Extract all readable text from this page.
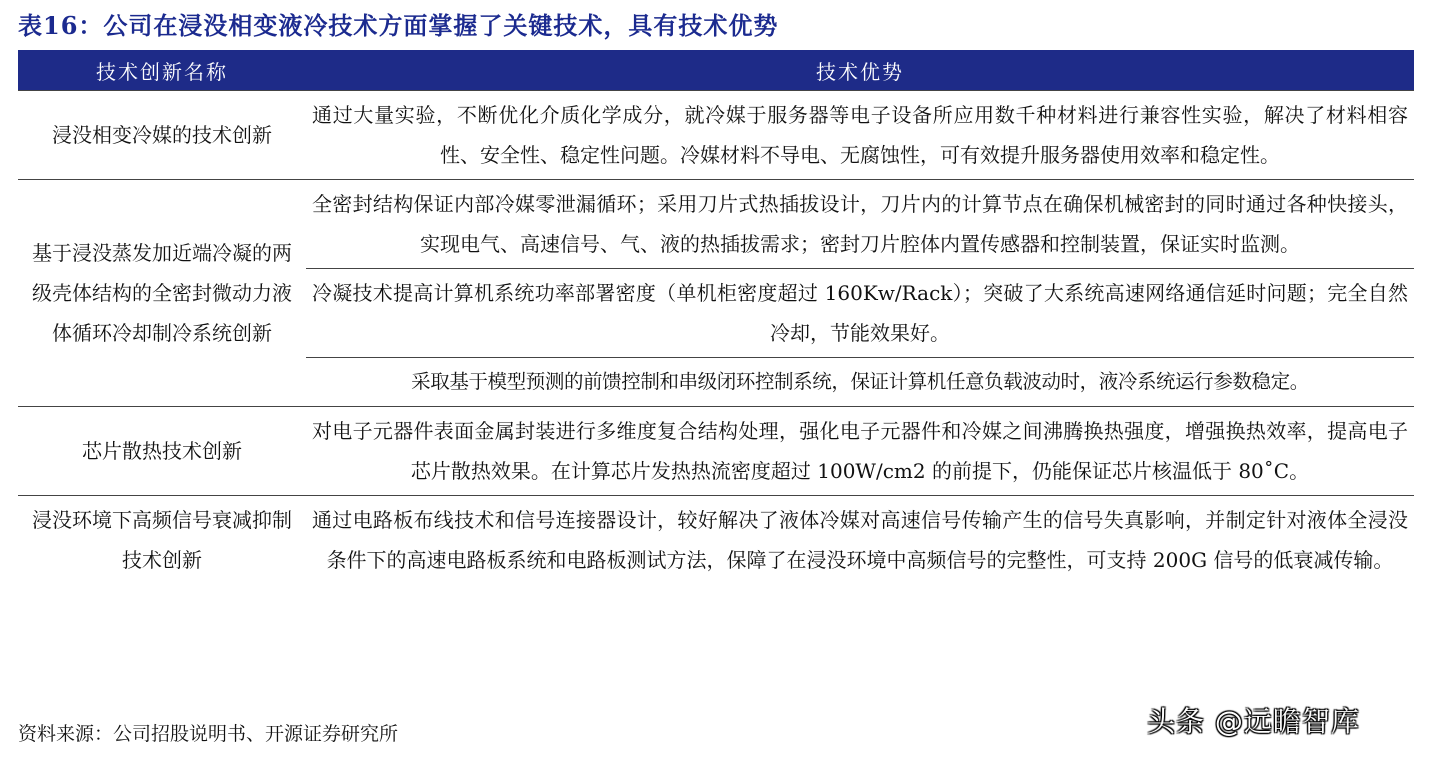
表16：公司在浸没相变液冷技术方面掌握了关键技术，具有技术优势
技术创新名称	技术优势
浸没相变冷媒的技术创新	通过大量实验，不断优化介质化学成分，就冷媒于服务器等电子设备所应用数千种材料进行兼容性实验，解决了材料相容性、安全性、稳定性问题。冷媒材料不导电、无腐蚀性，可有效提升服务器使用效率和稳定性。
基于浸没蒸发加近端冷凝的两级壳体结构的全密封微动力液体循环冷却制冷系统创新	全密封结构保证内部冷媒零泄漏循环；采用刀片式热插拔设计，刀片内的计算节点在确保机械密封的同时通过各种快接头，实现电气、高速信号、气、液的热插拔需求；密封刀片腔体内置传感器和控制装置，保证实时监测。
	冷凝技术提高计算机系统功率部署密度（单机柜密度超过 160Kw/Rack）；突破了大系统高速网络通信延时问题；完全自然冷却，节能效果好。
	采取基于模型预测的前馈控制和串级闭环控制系统，保证计算机任意负载波动时，液冷系统运行参数稳定。
芯片散热技术创新	对电子元器件表面金属封装进行多维度复合结构处理，强化电子元器件和冷媒之间沸腾换热强度，增强换热效率，提高电子芯片散热效果。在计算芯片发热热流密度超过 100W/cm2 的前提下，仍能保证芯片核温低于 80˚C。
浸没环境下高频信号衰减抑制技术创新	通过电路板布线技术和信号连接器设计，较好解决了液体冷媒对高速信号传输产生的信号失真影响，并制定针对液体全浸没条件下的高速电路板系统和电路板测试方法，保障了在浸没环境中高频信号的完整性，可支持 200G 信号的低衰减传输。
资料来源：公司招股说明书、开源证券研究所	头条 @远瞻智库
